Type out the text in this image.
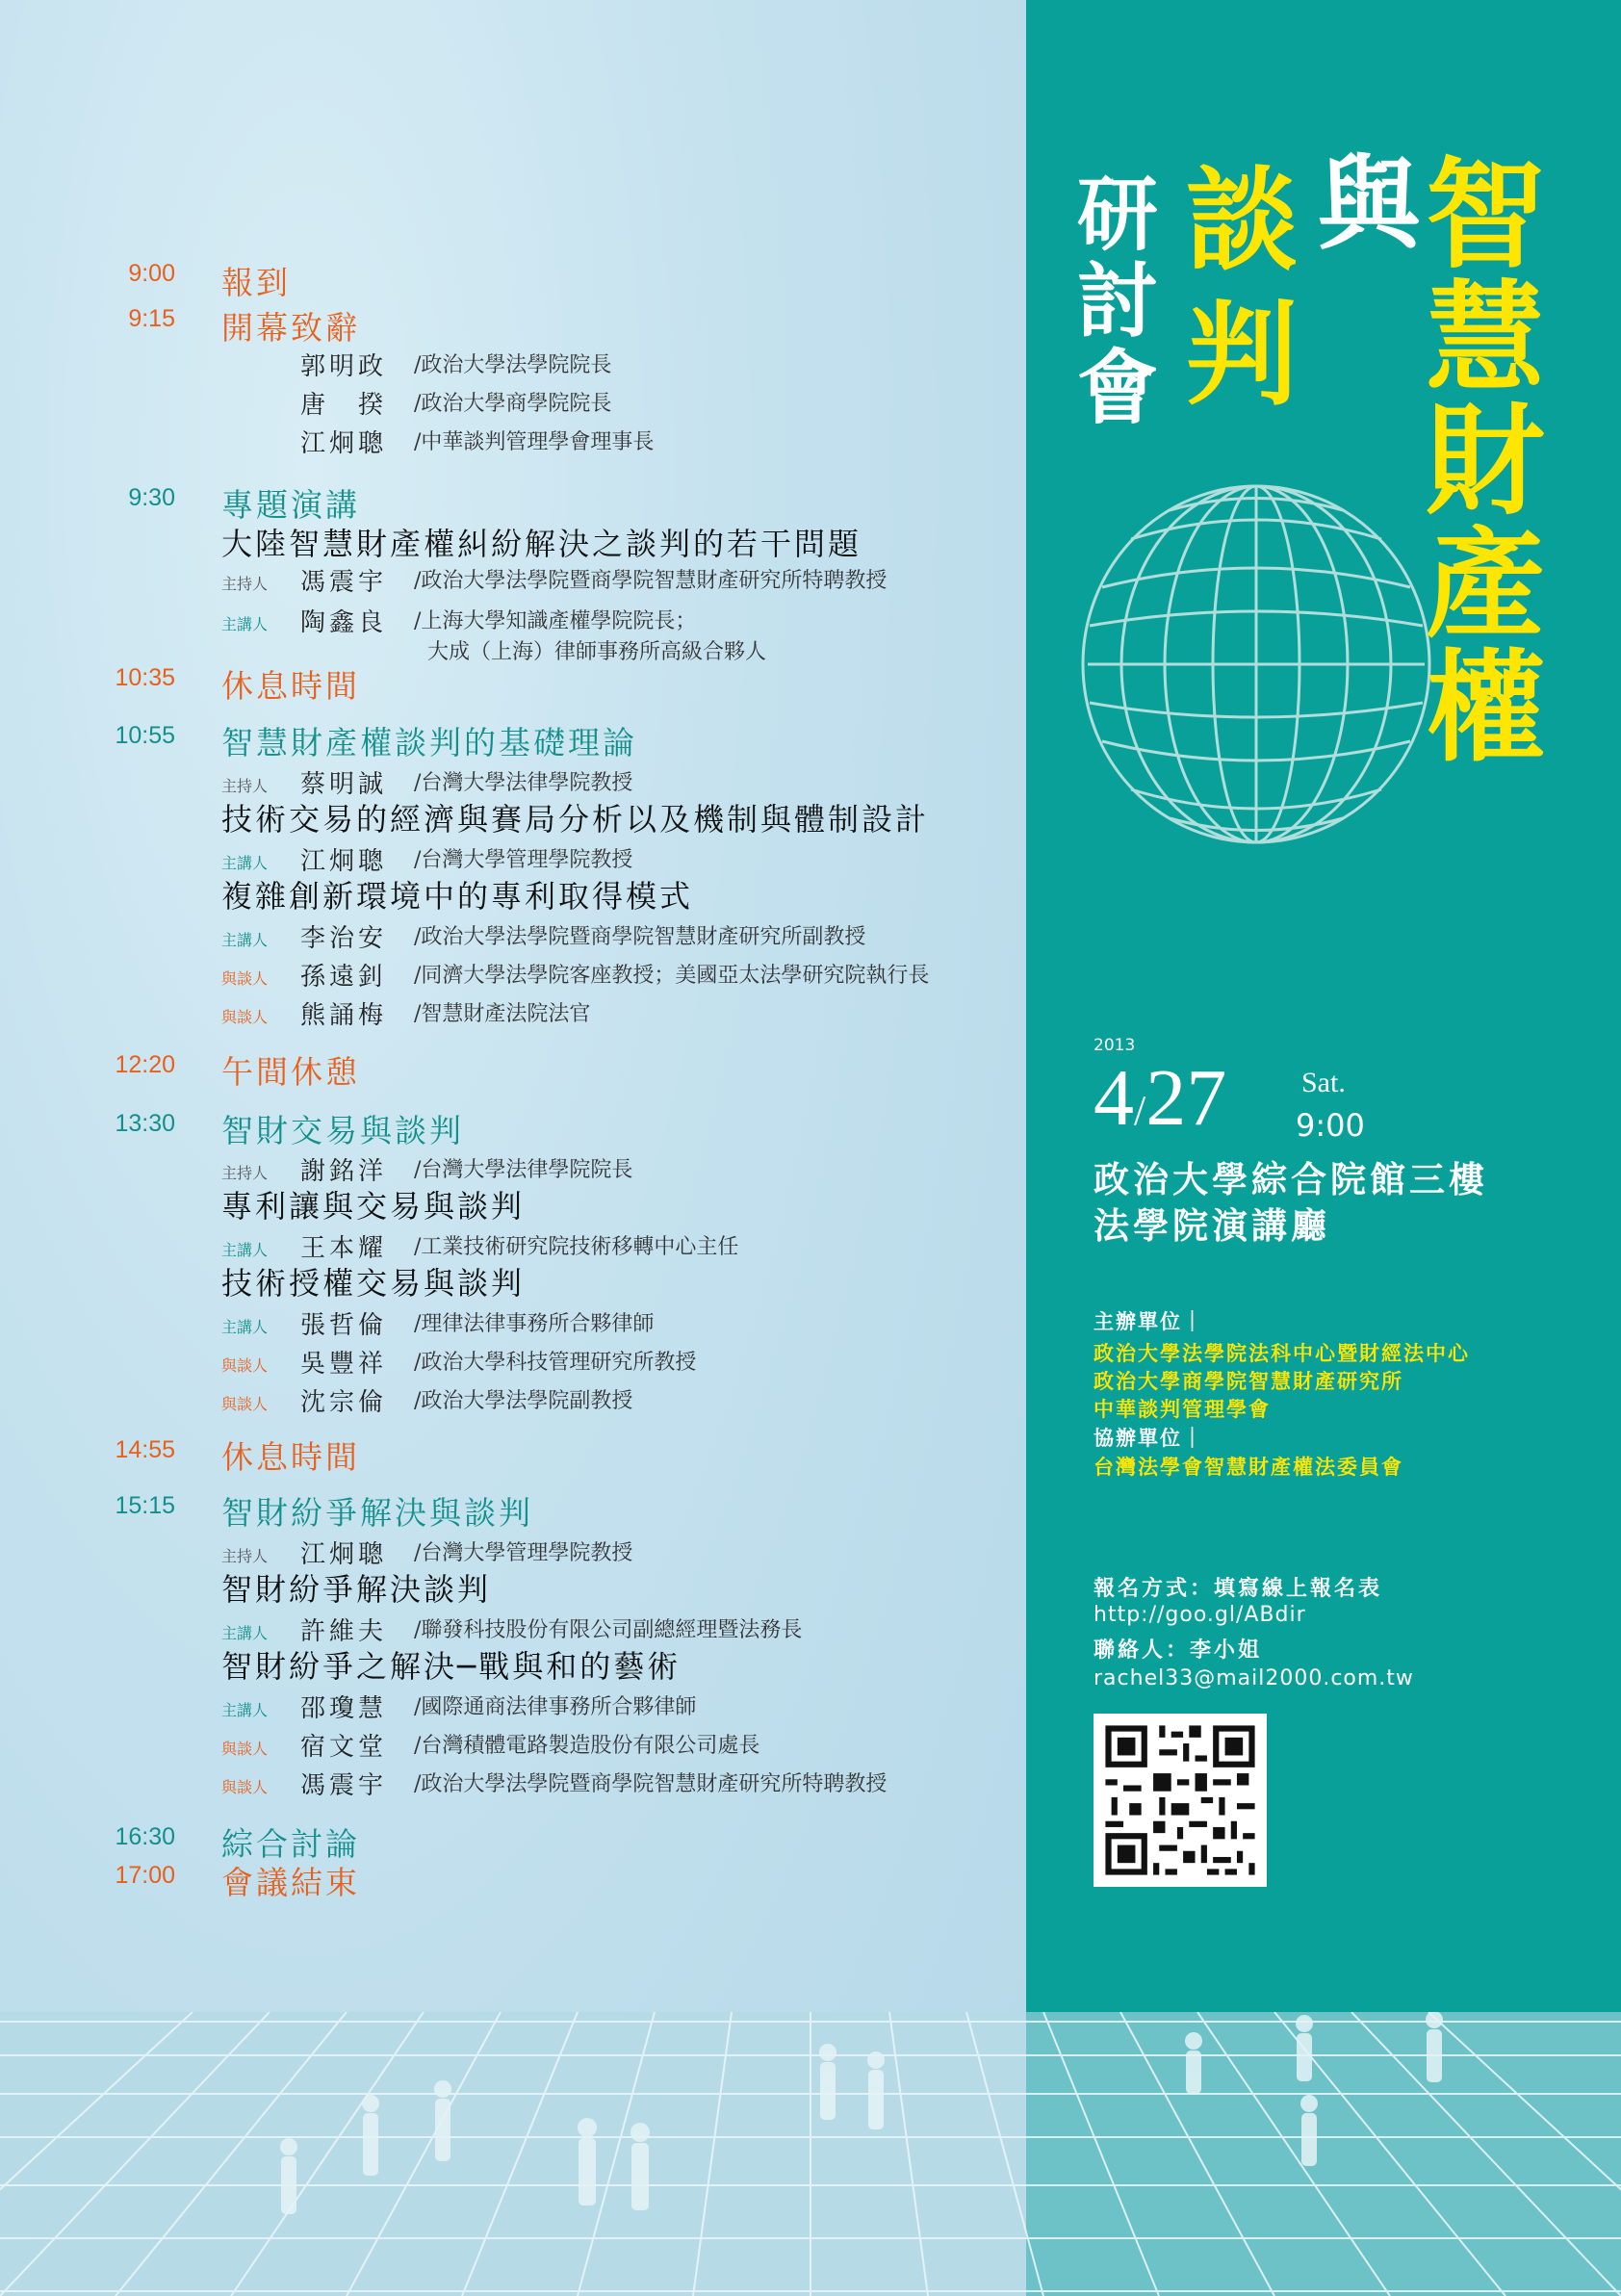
智慧財產權
與
談判
研討會
2013
4/27	Sat.
9:00
政治大學綜合院館三樓
法學院演講廳
主辦單位｜
政治大學法學院法科中心暨財經法中心
政治大學商學院智慧財產研究所
中華談判管理學會
協辦單位｜
台灣法學會智慧財產權法委員會
報名方式：填寫線上報名表
http://goo.gl/ABdir
聯絡人：李小姐
rachel33@mail2000.com.tw
9:00 報到
9:15 開幕致辭
郭明政 /政治大學法學院院長
唐　揆 /政治大學商學院院長
江炯聰 /中華談判管理學會理事長
9:30 專題演講
大陸智慧財產權糾紛解決之談判的若干問題
主持人	馮震宇 /政治大學法學院暨商學院智慧財產研究所特聘教授
主講人	陶鑫良 /上海大學知識產權學院院長；
大成（上海）律師事務所高級合夥人
10:35 休息時間
10:55 智慧財產權談判的基礎理論
主持人	蔡明誠 /台灣大學法律學院教授
技術交易的經濟與賽局分析以及機制與體制設計
主講人	江炯聰 /台灣大學管理學院教授
複雜創新環境中的專利取得模式
主講人	李治安 /政治大學法學院暨商學院智慧財產研究所副教授
與談人	孫遠釗 /同濟大學法學院客座教授；美國亞太法學研究院執行長
與談人	熊誦梅 /智慧財產法院法官
12:20 午間休憩
13:30 智財交易與談判
主持人	謝銘洋 /台灣大學法律學院院長
專利讓與交易與談判
主講人	王本耀 /工業技術研究院技術移轉中心主任
技術授權交易與談判
主講人	張哲倫 /理律法律事務所合夥律師
與談人	吳豐祥 /政治大學科技管理研究所教授
與談人	沈宗倫 /政治大學法學院副教授
14:55 休息時間
15:15 智財紛爭解決與談判
主持人	江炯聰 /台灣大學管理學院教授
智財紛爭解決談判
主講人	許維夫 /聯發科技股份有限公司副總經理暨法務長
智財紛爭之解決─戰與和的藝術
主講人	邵瓊慧 /國際通商法律事務所合夥律師
與談人	宿文堂 /台灣積體電路製造股份有限公司處長
與談人	馮震宇 /政治大學法學院暨商學院智慧財產研究所特聘教授
16:30 綜合討論
17:00 會議結束
